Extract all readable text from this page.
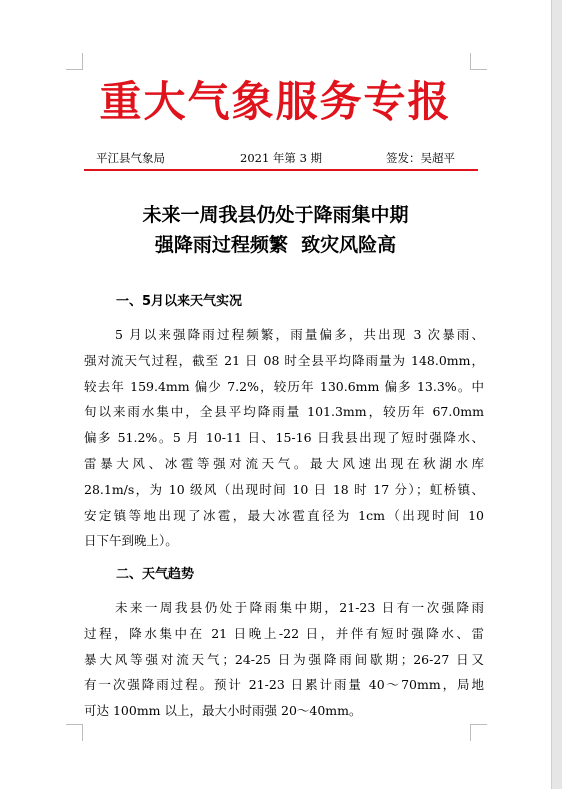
重大气象服务专报
平江县气象局	2021 年第 3 期	签发：吴超平
未来一周我县仍处于降雨集中期
强降雨过程频繁  致灾风险高
一、5月以来天气实况
5 月以来强降雨过程频繁，雨量偏多，共出现 3 次暴雨、
强对流天气过程，截至 21 日 08 时全县平均降雨量为 148.0mm，
较去年 159.4mm 偏少 7.2%，较历年 130.6mm 偏多 13.3%。中
旬以来雨水集中，全县平均降雨量 101.3mm，较历年 67.0mm
偏多 51.2%。5 月 10-11 日、15-16 日我县出现了短时强降水、
雷暴大风、冰雹等强对流天气。最大风速出现在秋湖水库
28.1m/s，为 10 级风（出现时间 10 日 18 时 17 分）；虹桥镇、
安定镇等地出现了冰雹，最大冰雹直径为 1cm（出现时间 10
日下午到晚上）。
二、天气趋势
未来一周我县仍处于降雨集中期，21-23 日有一次强降雨
过程，降水集中在 21 日晚上-22 日，并伴有短时强降水、雷
暴大风等强对流天气；24-25 日为强降雨间歇期；26-27 日又
有一次强降雨过程。预计 21-23 日累计雨量 40～70mm，局地
可达 100mm 以上，最大小时雨强 20～40mm。
